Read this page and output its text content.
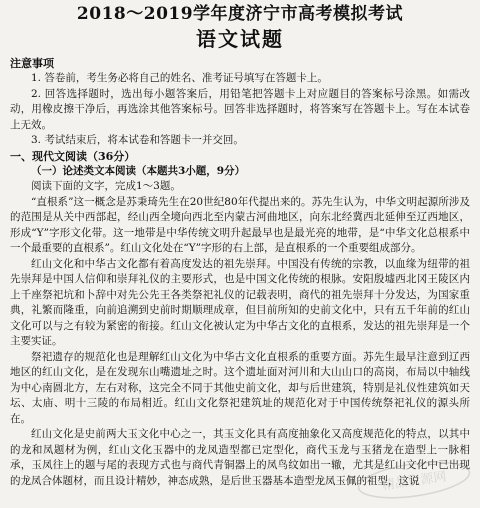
2018～2019学年度济宁市高考模拟考试
语文试题
注意事项

1. 答卷前，考生务必将自己的姓名、准考证号填写在答题卡上。

2. 回答选择题时，选出每小题答案后，用铅笔把答题卡上对应题目的答案标号涂黑。如需改动，用橡皮擦干净后，再选涂其他答案标号。回答非选择题时，将答案写在答题卡上。写在本试卷上无效。

3. 考试结束后，将本试卷和答题卡一并交回。

一、现代文阅读（36分）

（一）论述类文本阅读（本题共3小题，9分）

阅读下面的文字，完成1～3题。

“直根系”这一概念是苏秉琦先生在20世纪80年代提出来的。苏先生认为，中华文明起源所涉及的范围是从关中西部起，经山西全境向西北至内蒙古河曲地区，向东北经冀西北延伸至辽西地区，形成“Y”字形文化带。这一地带是中华传统文明升起最早也是最光亮的地带，是“中华文化总根系中一个最重要的直根系”。红山文化处在“Y”字形的右上部，是直根系的一个重要组成部分。

红山文化和中华古文化都有着高度发达的祖先崇拜。中国没有传统的宗教，以血缘为纽带的祖先崇拜是中国人信仰和崇拜礼仪的主要形式，也是中国文化传统的根脉。安阳殷墟西北冈王陵区内上千座祭祀坑和卜辞中对先公先王各类祭祀礼仪的记载表明，商代的祖先崇拜十分发达，为国家重典，礼繁而隆重，向前追溯到史前时期顺理成章，但目前所知的史前文化中，只有五千年前的红山文化可以与之有较为紧密的衔接。红山文化被认定为中华古文化的直根系，发达的祖先崇拜是一个主要实证。

祭祀遗存的规范化也是理解红山文化为中华古文化直根系的重要方面。苏先生最早注意到辽西地区的红山文化，是在发现东山嘴遗址之时。这个遗址面对河川和大山山口的高岗，布局以中轴线为中心南圆北方，左右对称，这完全不同于其他史前文化，却与后世建筑，特别是礼仪性建筑如天坛、太庙、明十三陵的布局相近。红山文化祭祀建筑址的规范化对于中国传统祭祀礼仪的源头所在。

红山文化是史前两大玉文化中心之一，其玉文化具有高度抽象化又高度规范化的特点，以其中的龙和凤题材为例，红山文化玉器中的龙凤造型都已定型化，商代玉龙与玉猪龙在造型上一脉相承，玉凤往上的题与尾的表现方式也与商代青铜器上的凤鸟纹如出一辙，尤其是红山文化中已出现的龙凤合体题材，而且设计精妙，神态成熟，是后世玉器基本造型龙凤玉佩的祖型，这说

精品资源网
